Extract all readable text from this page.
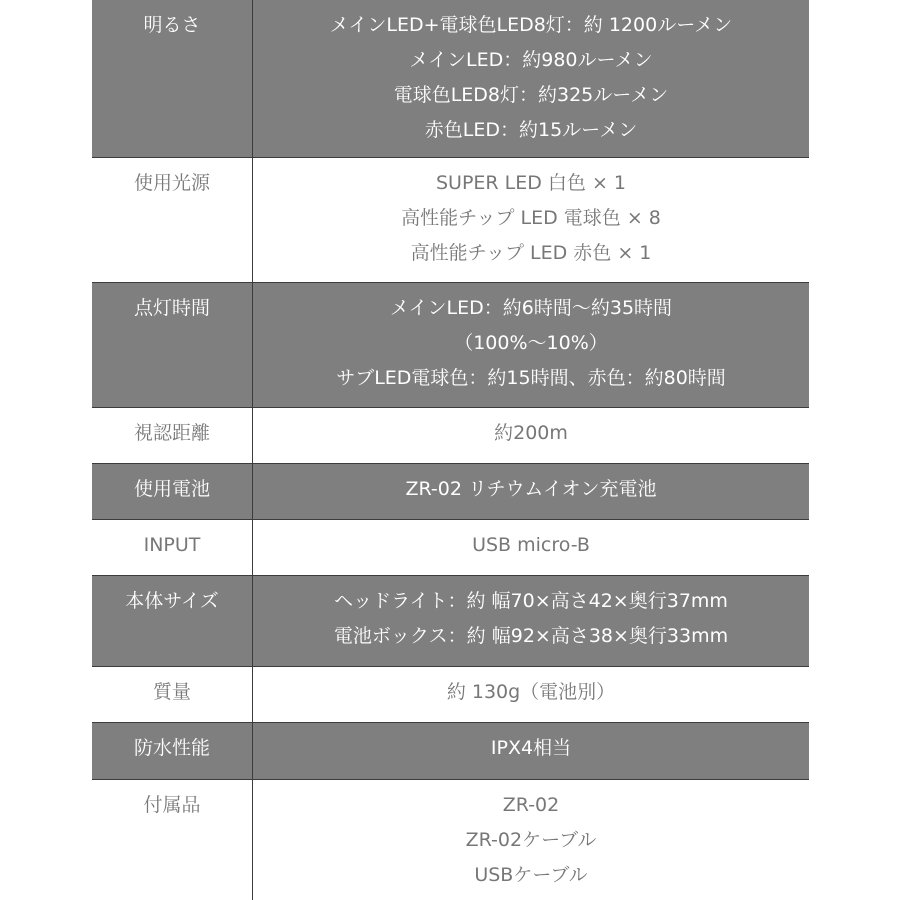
明るさ	メインLED+電球色LED8灯：約 1200ルーメン
メインLED：約980ルーメン
電球色LED8灯：約325ルーメン
赤色LED：約15ルーメン
使用光源	SUPER LED 白色 × 1
高性能チップ LED 電球色 × 8
高性能チップ LED 赤色 × 1
点灯時間	メインLED：約6時間〜約35時間
（100%〜10%）
サブLED電球色：約15時間、赤色：約80時間
視認距離	約200m
使用電池	ZR-02 リチウムイオン充電池
INPUT	USB micro-B
本体サイズ	ヘッドライト：約 幅70×高さ42×奥行37mm
電池ボックス：約 幅92×高さ38×奥行33mm
質量	約 130g（電池別）
防水性能	IPX4相当
付属品	ZR-02
ZR-02ケーブル
USBケーブル
